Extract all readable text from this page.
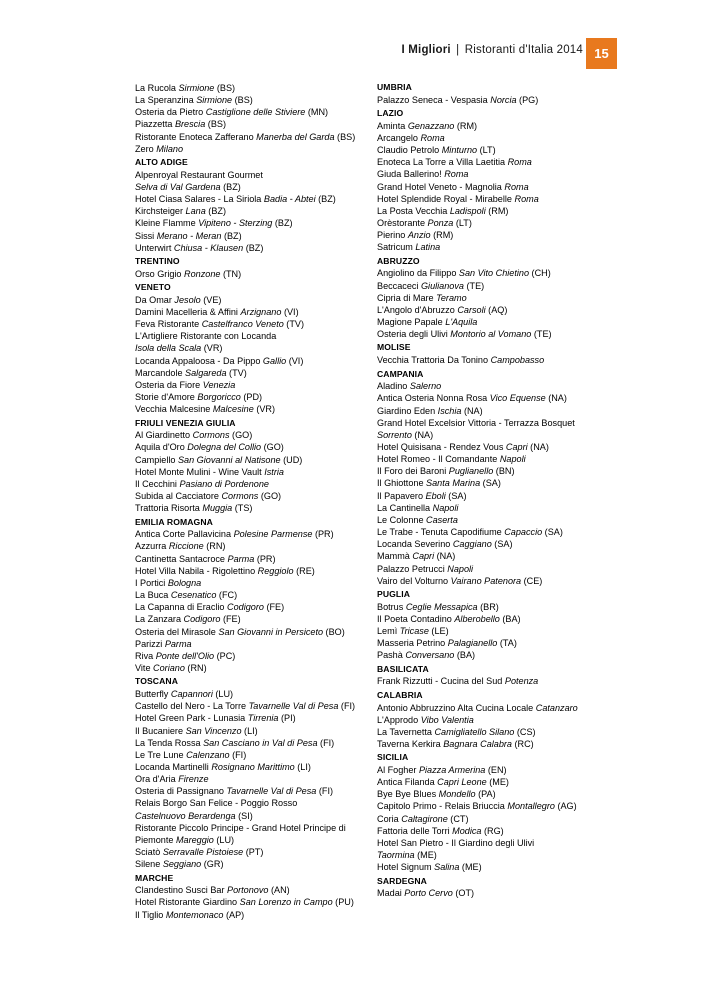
I Migliori | Ristoranti d'Italia 2014 15
La Rucola Sirmione (BS)
La Speranzina Sirmione (BS)
Osteria da Pietro Castiglione delle Stiviere (MN)
Piazzetta Brescia (BS)
Ristorante Enoteca Zafferano Manerba del Garda (BS)
Zero Milano
ALTO ADIGE
Alpenroyal Restaurant Gourmet
Selva di Val Gardena (BZ)
Hotel Ciasa Salares - La Siriola Badia - Abtei (BZ)
Kirchsteiger Lana (BZ)
Kleine Flamme Vipiteno - Sterzing (BZ)
Sissi Merano - Meran (BZ)
Unterwirt Chiusa - Klausen (BZ)
TRENTINO
Orso Grigio Ronzone (TN)
VENETO
Da Omar Jesolo (VE)
Damini Macelleria & Affini Arzignano (VI)
Feva Ristorante Castelfranco Veneto (TV)
L'Artigliere Ristorante con Locanda
Isola della Scala (VR)
Locanda Appaloosa - Da Pippo Gallio (VI)
Marcandole Salgareda (TV)
Osteria da Fiore Venezia
Storie d'Amore Borgoricco (PD)
Vecchia Malcesine Malcesine (VR)
FRIULI VENEZIA GIULIA
Al Giardinetto Cormons (GO)
Aquila d'Oro Dolegna del Collio (GO)
Campiello San Giovanni al Natisone (UD)
Hotel Monte Mulini - Wine Vault Istria
Il Cecchini Pasiano di Pordenone
Subida al Cacciatore Cormons (GO)
Trattoria Risorta Muggia (TS)
EMILIA ROMAGNA
Antica Corte Pallavicina Polesine Parmense (PR)
Azzurra Riccione (RN)
Cantinetta Santacroce Parma (PR)
Hotel Villa Nabila - Rigolettino Reggiolo (RE)
I Portici Bologna
La Buca Cesenatico (FC)
La Capanna di Eraclio Codigoro (FE)
La Zanzara Codigoro (FE)
Osteria del Mirasole San Giovanni in Persiceto (BO)
Parizzi Parma
Riva Ponte dell'Olio (PC)
Vite Coriano (RN)
TOSCANA
Butterfly Capannori (LU)
Castello del Nero - La Torre Tavarnelle Val di Pesa (FI)
Hotel Green Park - Lunasia Tirrenia (PI)
Il Bucaniere San Vincenzo (LI)
La Tenda Rossa San Casciano in Val di Pesa (FI)
Le Tre Lune Calenzano (FI)
Locanda Martinelli Rosignano Marittimo (LI)
Ora d'Aria Firenze
Osteria di Passignano Tavarnelle Val di Pesa (FI)
Relais Borgo San Felice - Poggio Rosso
Castelnuovo Berardenga (SI)
Ristorante Piccolo Principe - Grand Hotel Principe di
Piemonte Mareggio (LU)
Sciatò Serravalle Pistoiese (PT)
Silene Seggiano (GR)
MARCHE
Clandestino Susci Bar Portonovo (AN)
Hotel Ristorante Giardino San Lorenzo in Campo (PU)
Il Tiglio Montemonaco (AP)
UMBRIA
Palazzo Seneca - Vespasia Norcia (PG)
LAZIO
Aminta Genazzano (RM)
Arcangelo Roma
Claudio Petrolo Minturno (LT)
Enoteca La Torre a Villa Laetitia Roma
Giuda Ballerino! Roma
Grand Hotel Veneto - Magnolia Roma
Hotel Splendide Royal - Mirabelle Roma
La Posta Vecchia Ladispoli (RM)
Orèstorante Ponza (LT)
Pierino Anzio (RM)
Satricum Latina
ABRUZZO
Angiolino da Filippo San Vito Chietino (CH)
Beccaceci Giulianova (TE)
Cipria di Mare Teramo
L'Angolo d'Abruzzo Carsoli (AQ)
Magione Papale L'Aquila
Osteria degli Ulivi Montorio al Vomano (TE)
MOLISE
Vecchia Trattoria Da Tonino Campobasso
CAMPANIA
Aladino Salerno
Antica Osteria Nonna Rosa Vico Equense (NA)
Giardino Eden Ischia (NA)
Grand Hotel Excelsior Vittoria - Terrazza Bosquet
Sorrento (NA)
Hotel Quisisana - Rendez Vous Capri (NA)
Hotel Romeo - Il Comandante Napoli
Il Foro dei Baroni Puglianello (BN)
Il Ghiottone Santa Marina (SA)
Il Papavero Eboli (SA)
La Cantinella Napoli
Le Colonne Caserta
Le Trabe - Tenuta Capodifiume Capaccio (SA)
Locanda Severino Caggiano (SA)
Mammà Capri (NA)
Palazzo Petrucci Napoli
Vairo del Volturno Vairano Patenora (CE)
PUGLIA
Botrus Ceglie Messapica (BR)
Il Poeta Contadino Alberobello (BA)
Lemì Tricase (LE)
Masseria Petrino Palagianello (TA)
Pashà Conversano (BA)
BASILICATA
Frank Rizzutti - Cucina del Sud Potenza
CALABRIA
Antonio Abbruzzino Alta Cucina Locale Catanzaro
L'Approdo Vibo Valentia
La Tavernetta Camigliatello Silano (CS)
Taverna Kerkira Bagnara Calabra (RC)
SICILIA
Al Fogher Piazza Armerina (EN)
Antica Filanda Capri Leone (ME)
Bye Bye Blues Mondello (PA)
Capitolo Primo - Relais Briuccia Montallegro (AG)
Coria Caltagirone (CT)
Fattoria delle Torri Modica (RG)
Hotel San Pietro - Il Giardino degli Ulivi
Taormina (ME)
Hotel Signum Salina (ME)
SARDEGNA
Madai Porto Cervo (OT)
